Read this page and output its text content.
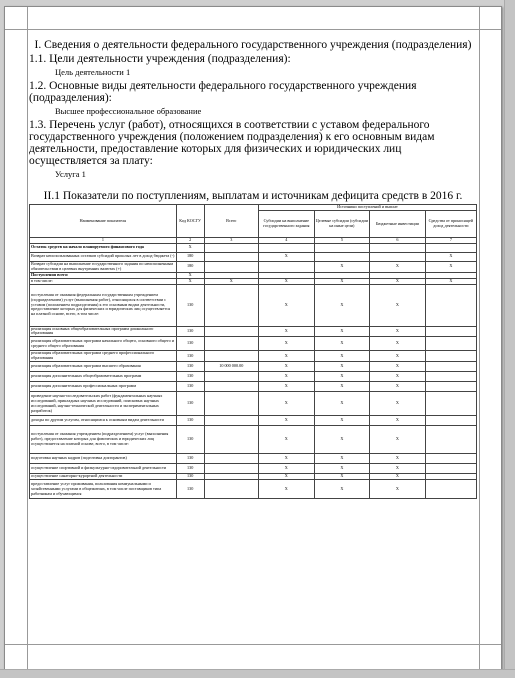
I. Сведения о деятельности федерального государственного учреждения (подразделения)
1.1. Цели деятельности учреждения (подразделения):
Цель деятельности 1
1.2. Основные виды деятельности федерального государственного учреждения (подразделения):
Высшее профессиональное образование
1.3. Перечень услуг (работ), относящихся в соответствии с уставом федерального государственного учреждения (положением подразделения) к его основным видам деятельности, предоставление которых для физических и юридических лиц осуществляется за плату:
Услуга 1
II.1 Показатели по поступлениям, выплатам и источникам дефицита средств в 2016 г.
Наименование показателя	Код КОСГУ	Всего	Источники поступлений и выплат			
			Субсидии на выполнение государственного задания	Целевые субсидии (субсидии на иные цели)	Бюджетные инвестиции	Средства от приносящей доход деятельности
1	2	3	4	5	6	7
Остаток средств на начало планируемого финансового года	X					
Возврат неиспользованных остатков субсидий прошлых лет в доход бюджета (-)	180		X			X
Возврат субсидии на выполнение государственного задания по неисполненным обязательствам в целевых внутренних валютах (+)	180			X	X	X
Поступления всего:	X					
в том числе:	X	X	X	X	X	X
поступления от оказания федеральным государственным учреждением (подразделением) услуг (выполнения работ), относящихся в соответствии с уставом (положением подразделения) к его основным видам деятельности, предоставление которых для физических и юридических лиц осуществляется на платной основе, всего, в том числе:	130		X	X	X	
реализация основных общеобразовательных программ дошкольного образования	130		X	X	X	
реализация образовательных программ начального общего, основного общего и среднего общего образования	130		X	X	X	
реализация образовательных программ среднего профессионального образования	130		X	X	X	
реализация образовательных программ высшего образования	130	10 000 000.00	X	X	X	
реализация дополнительных общеобразовательных программ	130		X	X	X	
реализация дополнительных профессиональных программ	130		X	X	X	
проведение научно-исследовательских работ (фундаментальных научных исследований, прикладных научных исследований, поисковых научных исследований, научно-технической деятельности и экспериментальных разработок)	130		X	X	X	
доходы по другим услугам, относящимся к основным видам деятельности	130		X	X	X	
поступления от оказания учреждением (подразделением) услуг (выполнения работ), предоставление которых для физических и юридических лиц осуществляется на платной основе, всего, в том числе:	130		X	X	X	
подготовка научных кадров (подготовка докторантов)	130		X	X	X	
осуществление спортивной и физкультурно-оздоровительной деятельности	130		X	X	X	
осуществление санаторно-курортной деятельности	130		X	X	X	
предоставление услуг проживания, пользования коммунальными и хозяйственными услугами в общежитиях, в том числе поставщиков типа работникам и обучающимся	130		X	X	X	
